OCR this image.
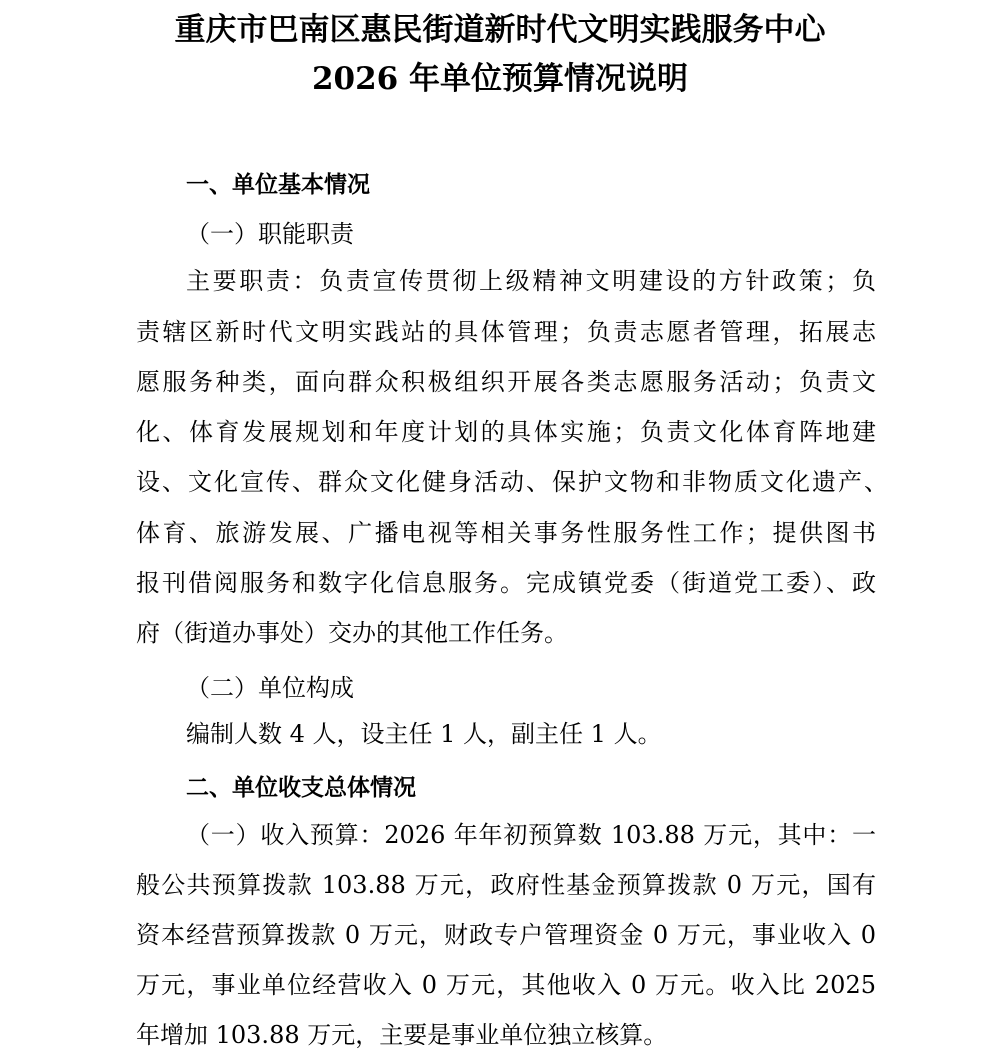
重庆市巴南区惠民街道新时代文明实践服务中心
2026 年单位预算情况说明
一、单位基本情况
（一）职能职责
主要职责：负责宣传贯彻上级精神文明建设的方针政策；负
责辖区新时代文明实践站的具体管理；负责志愿者管理，拓展志
愿服务种类，面向群众积极组织开展各类志愿服务活动；负责文
化、体育发展规划和年度计划的具体实施；负责文化体育阵地建
设、文化宣传、群众文化健身活动、保护文物和非物质文化遗产、
体育、旅游发展、广播电视等相关事务性服务性工作；提供图书
报刊借阅服务和数字化信息服务。完成镇党委（街道党工委）、政
府（街道办事处）交办的其他工作任务。
（二）单位构成
编制人数 4 人，设主任 1 人，副主任 1 人。
二、单位收支总体情况
（一）收入预算：2026 年年初预算数 103.88 万元，其中：一
般公共预算拨款 103.88 万元，政府性基金预算拨款 0 万元，国有
资本经营预算拨款 0 万元，财政专户管理资金 0 万元，事业收入 0
万元，事业单位经营收入 0 万元，其他收入 0 万元。收入比 2025
年增加 103.88 万元，主要是事业单位独立核算。
